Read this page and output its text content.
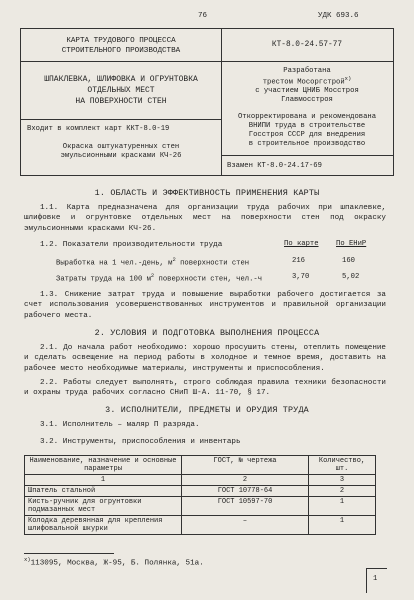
76	УДК 693.6
КАРТА ТРУДОВОГО ПРОЦЕССА
СТРОИТЕЛЬНОГО ПРОИЗВОДСТВА
ШПАКЛЕВКА, ШЛИФОВКА И ОГРУНТОВКА
ОТДЕЛЬНЫХ МЕСТ
НА ПОВЕРХНОСТИ СТЕН
Входит в комплект карт ККТ-8.0-19
Окраска оштукатуренных стен
эмульсионными красками КЧ-26
КТ-8.0-24.57-77
Разработана
трестом Мосоргстрой$^{х)}$
с участием ЦНИБ Мосстроя
Главмосстроя
Откорректирована и рекомендована
ВНИПИ труда в строительстве
Госстроя СССР для внедрения
в строительное производство
Взамен КТ-8.0-24.17-69
1. ОБЛАСТЬ И ЭФФЕКТИВНОСТЬ ПРИМЕНЕНИЯ КАРТЫ
1.1. Карта предназначена для организации труда рабочих при шпаклевке, шлифовке и огрунтовке отдельных мест на поверхности стен под окраску эмульсионными красками КЧ-26.
1.2. Показатели производительности труда	По карте По ЕНиР
Выработка на 1 чел.-день, $м^2$ поверхности стен	216	160
Затраты труда на 100 $м^2$ поверхности стен, чел.-ч	3,70	5,02
1.3. Снижение затрат труда и повышение выработки рабочего достигается за счет использования усовершенствованных инструментов и правильной организации рабочего места.
2. УСЛОВИЯ И ПОДГОТОВКА ВЫПОЛНЕНИЯ ПРОЦЕССА
2.1. До начала работ необходимо: хорошо просушить стены, отеплить помещение и сделать освещение на период работы в холодное и темное время, доставить на рабочее место необходимые материалы, инструменты и приспособления.
2.2. Работы следует выполнять, строго соблюдая правила техники безопасности и охраны труда рабочих согласно СНиП Ш-А. 11-70, § 17.
3. ИСПОЛНИТЕЛИ, ПРЕДМЕТЫ И ОРУДИЯ ТРУДА
3.1. Исполнитель – маляр П разряда.
3.2. Инструменты, приспособления и инвентарь
Наименование, назначение и основные параметры	ГОСТ, № чертежа	Количество, шт.
1	2	3
Шпатель стальной	ГОСТ 10778-64	2
Кисть-ручник для огрунтовки подмазанных мест	ГОСТ 10597-70	1
Колодка деревянная для крепления шлифовальной шкурки	–	1
$^{х)}$113095, Москва, Ж-95, Б. Полянка, 51а.
1
